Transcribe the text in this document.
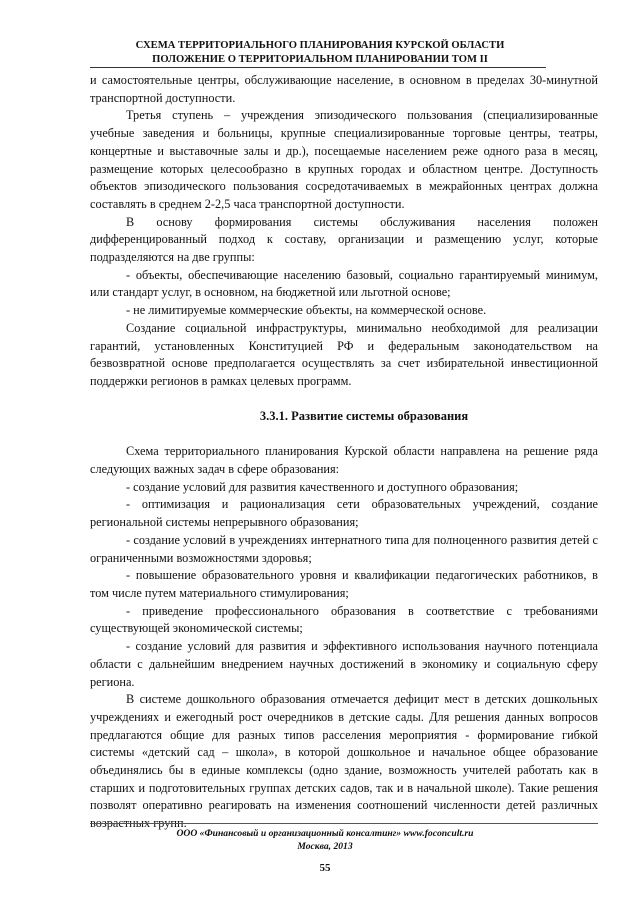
СХЕМА ТЕРРИТОРИАЛЬНОГО ПЛАНИРОВАНИЯ КУРСКОЙ ОБЛАСТИ
ПОЛОЖЕНИЕ О ТЕРРИТОРИАЛЬНОМ ПЛАНИРОВАНИИ ТОМ II

и самостоятельные центры, обслуживающие население, в основном в пределах 30-минутной транспортной доступности.

Третья ступень – учреждения эпизодического пользования (специализированные учебные заведения и больницы, крупные специализированные торговые центры, театры, концертные и выставочные залы и др.), посещаемые населением реже одного раза в месяц, размещение которых целесообразно в крупных городах и областном центре. Доступность объектов эпизодического пользования сосредотачиваемых в межрайонных центрах должна составлять в среднем 2-2,5 часа транспортной доступности.

В основу формирования системы обслуживания населения положен дифференцированный подход к составу, организации и размещению услуг, которые подразделяются на две группы:

- объекты, обеспечивающие населению базовый, социально гарантируемый минимум, или стандарт услуг, в основном, на бюджетной или льготной основе;

- не лимитируемые коммерческие объекты, на коммерческой основе.

Создание социальной инфраструктуры, минимально необходимой для реализации гарантий, установленных Конституцией РФ и федеральным законодательством на безвозвратной основе предполагается осуществлять за счет избирательной инвестиционной поддержки регионов в рамках целевых программ.

3.3.1. Развитие системы образования

Схема территориального планирования Курской области направлена на решение ряда следующих важных задач в сфере образования:

- создание условий для развития качественного и доступного образования;

- оптимизация и рационализация сети образовательных учреждений, создание региональной системы непрерывного образования;

- создание условий в учреждениях интернатного типа для полноценного развития детей с ограниченными возможностями здоровья;

- повышение образовательного уровня и квалификации педагогических работников, в том числе путем материального стимулирования;

- приведение профессионального образования в соответствие с требованиями существующей экономической системы;

- создание условий для развития и эффективного использования научного потенциала области с дальнейшим внедрением научных достижений в экономику и социальную сферу региона.

В системе дошкольного образования отмечается дефицит мест в детских дошкольных учреждениях и ежегодный рост очередников в детские сады. Для решения данных вопросов предлагаются общие для разных типов расселения мероприятия - формирование гибкой системы «детский сад – школа», в которой дошкольное и начальное общее образование объединялись бы в единые комплексы (одно здание, возможность учителей работать как в старших и подготовительных группах детских садов, так и в начальной школе). Такие решения позволят оперативно реагировать на изменения соотношений численности детей различных возрастных групп.

ООО «Финансовый и организационный консалтинг» www.foconcult.ru
Москва, 2013
55
